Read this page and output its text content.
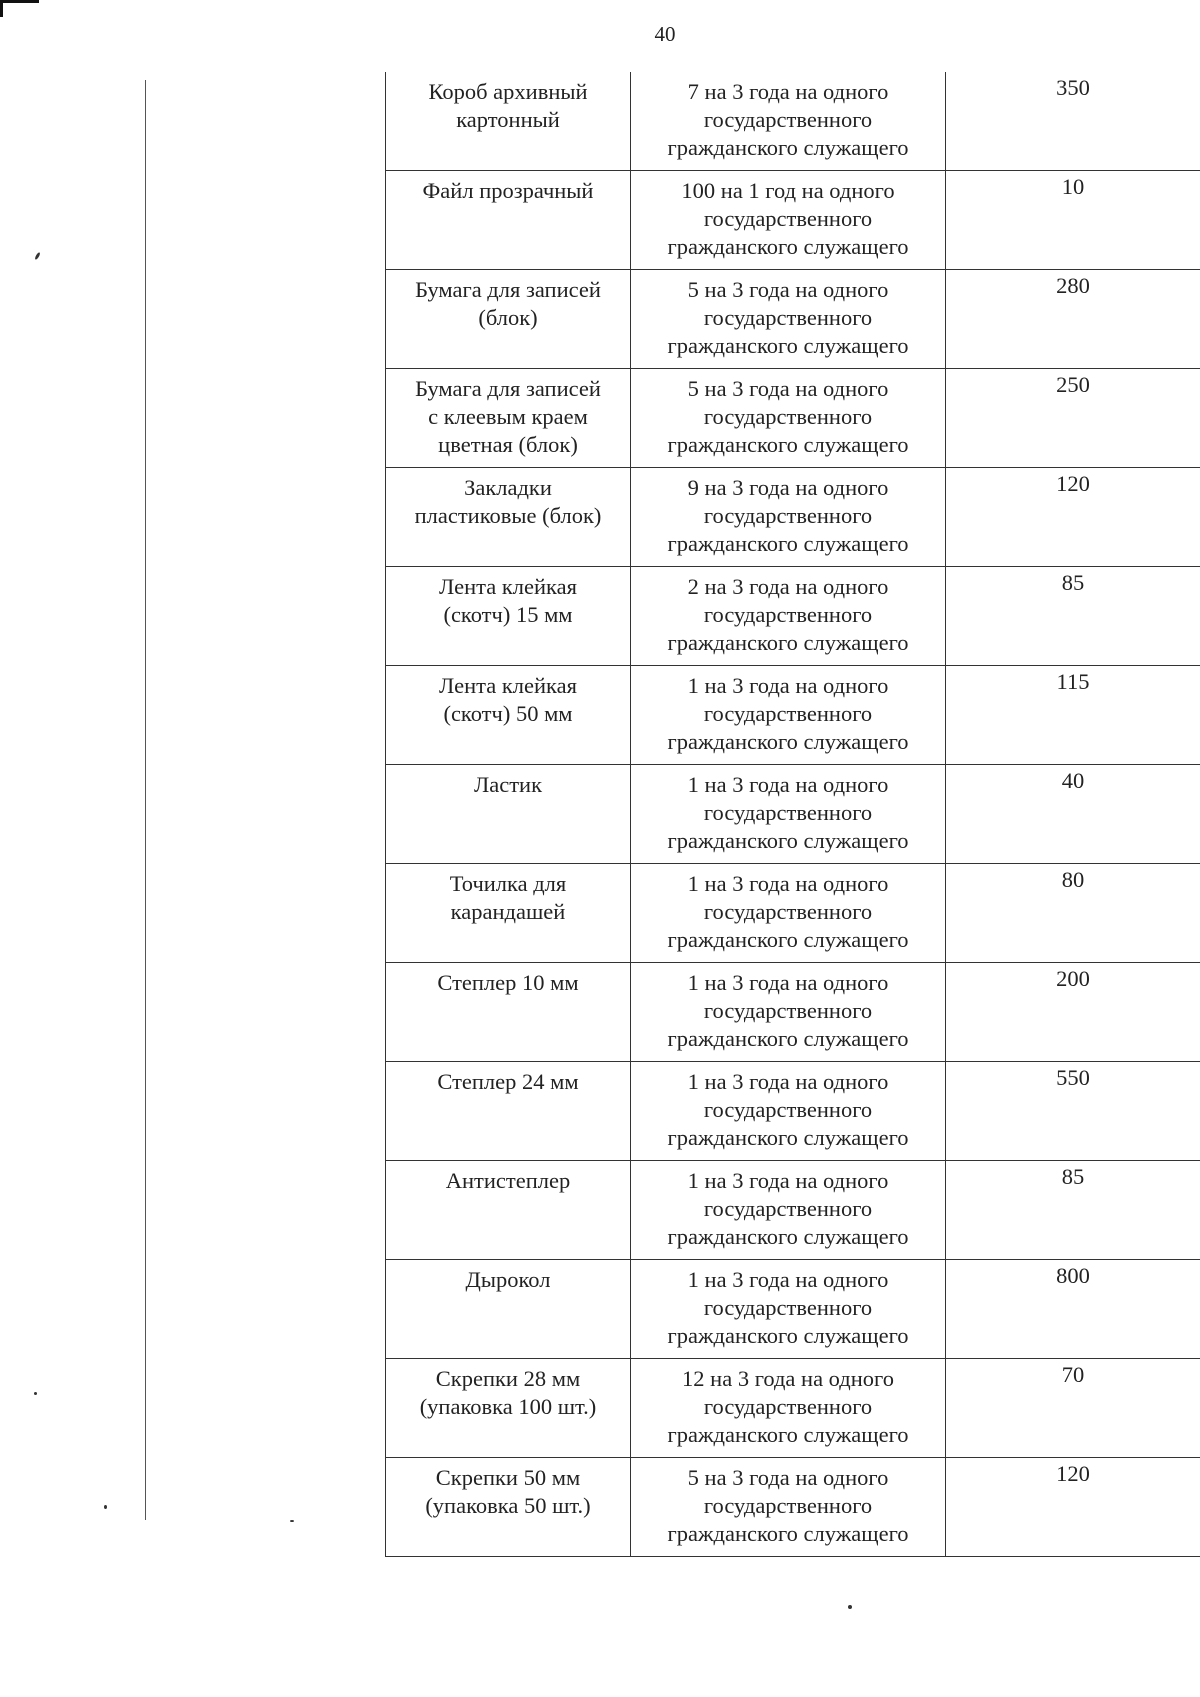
40
Короб архивный
картонный	7 на 3 года на одного
государственного
гражданского служащего	350

Файл прозрачный	100 на 1 год на одного
государственного
гражданского служащего	10

Бумага для записей
(блок)	5 на 3 года на одного
государственного
гражданского служащего	280

Бумага для записей
с клеевым краем
цветная (блок)	5 на 3 года на одного
государственного
гражданского служащего	250

Закладки
пластиковые (блок)	9 на 3 года на одного
государственного
гражданского служащего	120

Лента клейкая
(скотч) 15 мм	2 на 3 года на одного
государственного
гражданского служащего	85

Лента клейкая
(скотч) 50 мм	1 на 3 года на одного
государственного
гражданского служащего	115

Ластик	1 на 3 года на одного
государственного
гражданского служащего	40

Точилка для
карандашей	1 на 3 года на одного
государственного
гражданского служащего	80

Степлер 10 мм	1 на 3 года на одного
государственного
гражданского служащего	200

Степлер 24 мм	1 на 3 года на одного
государственного
гражданского служащего	550

Антистеплер	1 на 3 года на одного
государственного
гражданского служащего	85

Дырокол	1 на 3 года на одного
государственного
гражданского служащего	800

Скрепки 28 мм
(упаковка 100 шт.)	12 на 3 года на одного
государственного
гражданского служащего	70

Скрепки 50 мм
(упаковка 50 шт.)	5 на 3 года на одного
государственного
гражданского служащего	120
